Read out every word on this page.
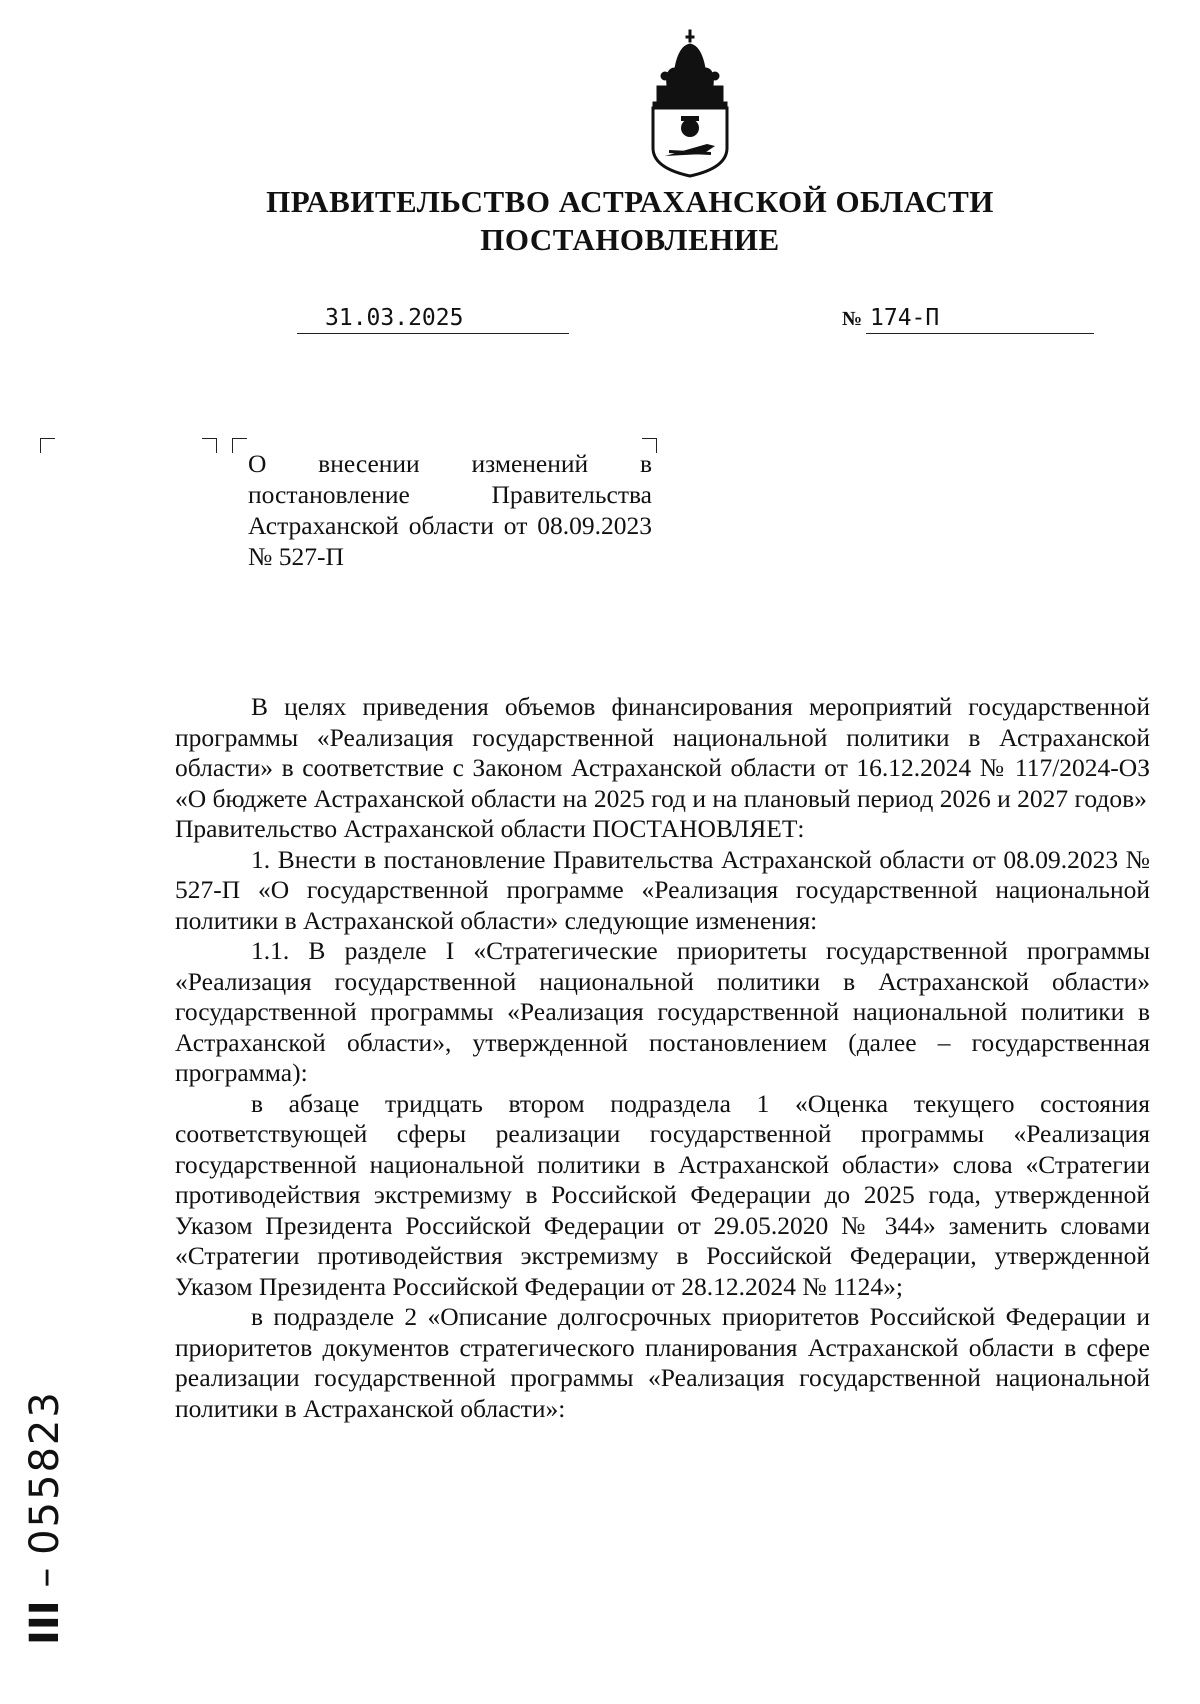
ПРАВИТЕЛЬСТВО АСТРАХАНСКОЙ ОБЛАСТИ
ПОСТАНОВЛЕНИЕ
31.03.2025	№ 174-П
О внесении изменений в постановление Правительства Астраханской области от 08.09.2023 № 527-П

В целях приведения объемов финансирования мероприятий государственной программы «Реализация государственной национальной политики в Астраханской области» в соответствие с Законом Астраханской области от 16.12.2024 № 117/2024-ОЗ «О бюджете Астраханской области на 2025 год и на плановый период 2026 и 2027 годов»

Правительство Астраханской области ПОСТАНОВЛЯЕТ:

1. Внести в постановление Правительства Астраханской области от 08.09.2023 № 527-П «О государственной программе «Реализация государственной национальной политики в Астраханской области» следующие изменения:

1.1. В разделе I «Стратегические приоритеты государственной программы «Реализация государственной национальной политики в Астраханской области» государственной программы «Реализация государственной национальной политики в Астраханской области», утвержденной постановлением (далее – государственная программа):

в абзаце тридцать втором подраздела 1 «Оценка текущего состояния соответствующей сферы реализации государственной программы «Реализация государственной национальной политики в Астраханской области» слова «Стратегии противодействия экстремизму в Российской Федерации до 2025 года, утвержденной Указом Президента Российской Федерации от 29.05.2020 № 344» заменить словами «Стратегии противодействия экстремизму в Российской Федерации, утвержденной Указом Президента Российской Федерации от 28.12.2024 № 1124»;

в подразделе 2 «Описание долгосрочных приоритетов Российской Федерации и приоритетов документов стратегического планирования Астраханской области в сфере реализации государственной программы «Реализация государственной национальной политики в Астраханской области»:

III – 055823
